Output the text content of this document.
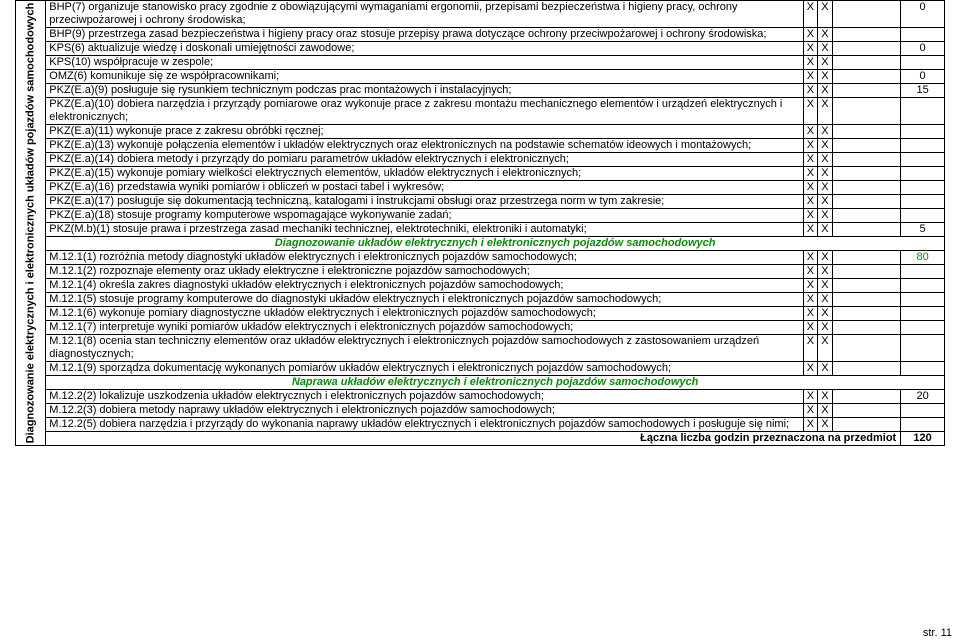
Diagnozowanie elektrycznych i elektronicznych układów pojazdów samochodowych	BHP(7) organizuje stanowisko pracy zgodnie z obowiązującymi wymaganiami ergonomii, przepisami bezpieczeństwa i higieny pracy, ochrony przeciwpożarowej i ochrony środowiska;	X	X		0
	BHP(9) przestrzega zasad bezpieczeństwa i higieny pracy oraz stosuje przepisy prawa dotyczące ochrony przeciwpożarowej i ochrony środowiska;	X	X		
	KPS(6) aktualizuje wiedzę i doskonali umiejętności zawodowe;	X	X		0
	KPS(10) współpracuje w zespole;	X	X		
	OMZ(6) komunikuje się ze współpracownikami;	X	X		0
	PKZ(E.a)(9) posługuje się rysunkiem technicznym podczas prac montażowych i instalacyjnych;	X	X		15
	PKZ(E.a)(10) dobiera narzędzia i przyrządy pomiarowe oraz wykonuje prace z zakresu montażu mechanicznego elementów i urządzeń elektrycznych i elektronicznych;	X	X		
	PKZ(E.a)(11) wykonuje prace z zakresu obróbki ręcznej;	X	X		
	PKZ(E.a)(13) wykonuje połączenia elementów i układów elektrycznych oraz elektronicznych na podstawie schematów ideowych i montażowych;	X	X		
	PKZ(E.a)(14) dobiera metody i przyrządy do pomiaru parametrów układów elektrycznych i elektronicznych;	X	X		
	PKZ(E.a)(15) wykonuje pomiary wielkości elektrycznych elementów, układów elektrycznych i elektronicznych;	X	X		
	PKZ(E.a)(16) przedstawia wyniki pomiarów i obliczeń w postaci tabel i wykresów;	X	X		
	PKZ(E.a)(17) posługuje się dokumentacją techniczną, katalogami i instrukcjami obsługi oraz przestrzega norm w tym zakresie;	X	X		
	PKZ(E.a)(18) stosuje programy komputerowe wspomagające wykonywanie zadań;	X	X		
	PKZ(M.b)(1) stosuje prawa i przestrzega zasad mechaniki technicznej, elektrotechniki, elektroniki i automatyki;	X	X		5
	Diagnozowanie układów elektrycznych i elektronicznych pojazdów samochodowych				
	M.12.1(1) rozróżnia metody diagnostyki układów elektrycznych i elektronicznych pojazdów samochodowych;	X	X		80
	M.12.1(2) rozpoznaje elementy oraz układy elektryczne i elektroniczne pojazdów samochodowych;	X	X		
	M.12.1(4) określa zakres diagnostyki układów elektrycznych i elektronicznych pojazdów samochodowych;	X	X		
	M.12.1(5) stosuje programy komputerowe do diagnostyki układów elektrycznych i elektronicznych pojazdów samochodowych;	X	X		
	M.12.1(6) wykonuje pomiary diagnostyczne układów elektrycznych i elektronicznych pojazdów samochodowych;	X	X		
	M.12.1(7) interpretuje wyniki pomiarów układów elektrycznych i elektronicznych pojazdów samochodowych;	X	X		
	M.12.1(8) ocenia stan techniczny elementów oraz układów elektrycznych i elektronicznych pojazdów samochodowych z zastosowaniem urządzeń diagnostycznych;	X	X		
	M.12.1(9) sporządza dokumentację wykonanych pomiarów układów elektrycznych i elektronicznych pojazdów samochodowych;	X	X		
	Naprawa układów elektrycznych i elektronicznych pojazdów samochodowych				
	M.12.2(2) lokalizuje uszkodzenia układów elektrycznych i elektronicznych pojazdów samochodowych;	X	X		20
	M.12.2(3) dobiera metody naprawy układów elektrycznych i elektronicznych pojazdów samochodowych;	X	X		
	M.12.2(5) dobiera narzędzia i przyrządy do wykonania naprawy układów elektrycznych i elektronicznych pojazdów samochodowych i posługuje się nimi;	X	X		
	Łączna liczba godzin przeznaczona na przedmiot				120
str. 11
